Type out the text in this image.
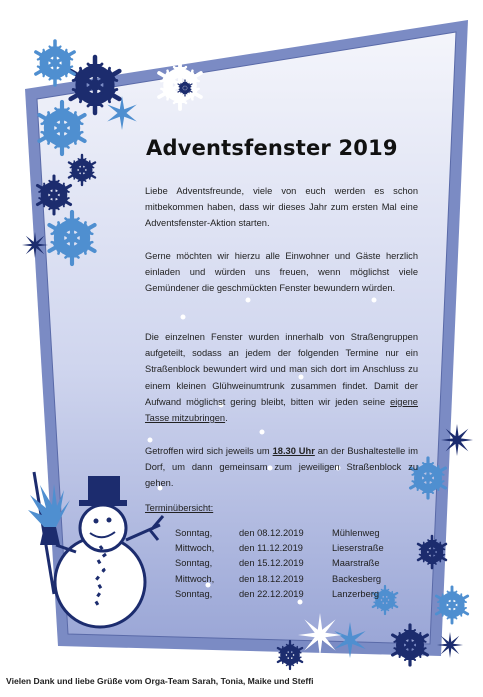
Adventsfenster 2019

Liebe Adventsfreunde, viele von euch werden es schon mitbekommen haben, dass wir dieses Jahr zum ersten Mal eine Adventsfenster-Aktion starten.

Gerne möchten wir hierzu alle Einwohner und Gäste herzlich einladen und würden uns freuen, wenn möglichst viele Gemündener die geschmückten Fenster bewundern würden.

Die einzelnen Fenster wurden innerhalb von Straßengruppen aufgeteilt, sodass an jedem der folgenden Termine nur ein Straßenblock bewundert wird und man sich dort im Anschluss zu einem kleinen Glühweinumtrunk zusammen findet. Damit der Aufwand möglichst gering bleibt, bitten wir jeden seine eigene Tasse mitzubringen.

Getroffen wird sich jeweils um 18.30 Uhr an der Bushaltestelle im Dorf, um dann gemeinsam zum jeweiligen Straßenblock zu gehen.

Terminübersicht:
Sonntag,	den 08.12.2019	Mühlenweg
Mittwoch,	den 11.12.2019	Lieserstraße
Sonntag,	den 15.12.2019	Maarstraße
Mittwoch,	den 18.12.2019	Backesberg
Sonntag,	den 22.12.2019	Lanzerberg
Vielen Dank und liebe Grüße vom Orga-Team Sarah, Tonia, Maike und Steffi
